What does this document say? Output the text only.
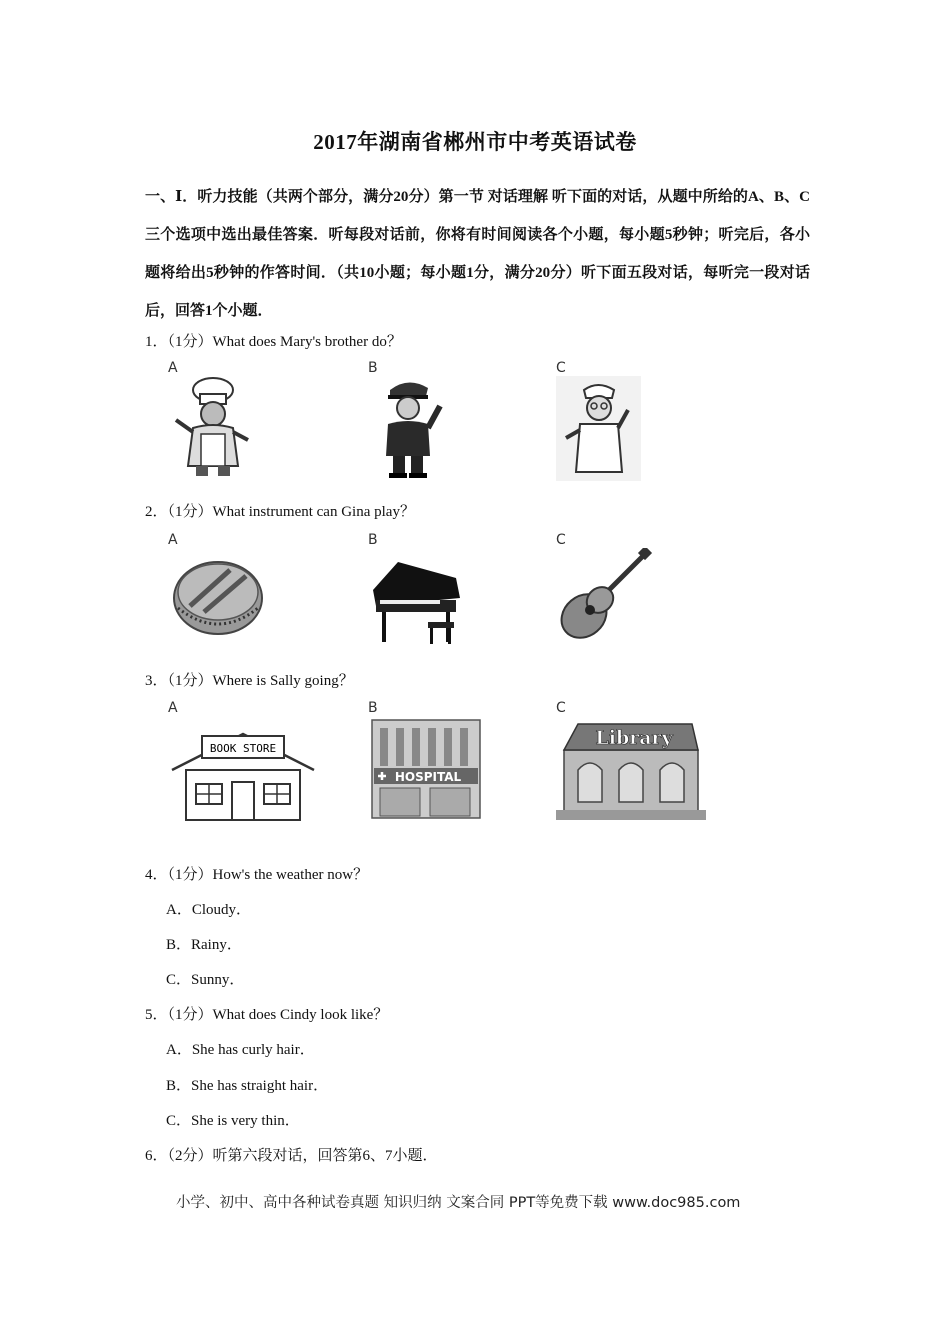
2017年湖南省郴州市中考英语试卷
一、Ⅰ．听力技能（共两个部分，满分20分）第一节 对话理解 听下面的对话，从题中所给的A、B、C三个选项中选出最佳答案．听每段对话前，你将有时间阅读各个小题，每小题5秒钟；听完后，各小题将给出5秒钟的作答时间．（共10小题；每小题1分，满分20分）听下面五段对话，每听完一段对话后，回答1个小题．
1．（1分）What does Mary's brother do？
A	B	C
2．（1分）What instrument can Gina play？
A	B	C
3．（1分）Where is Sally going？
A
BOOK STORE
B
HOSPITAL
C
Library
4．（1分）How's the weather now？
A．Cloudy．
B．Rainy．
C．Sunny．
5．（1分）What does Cindy look like？
A．She has curly hair．
B．She has straight hair．
C．She is very thin．
6．（2分）听第六段对话，回答第6、7小题．
小学、初中、高中各种试卷真题 知识归纳 文案合同 PPT等免费下载 www.doc985.com
